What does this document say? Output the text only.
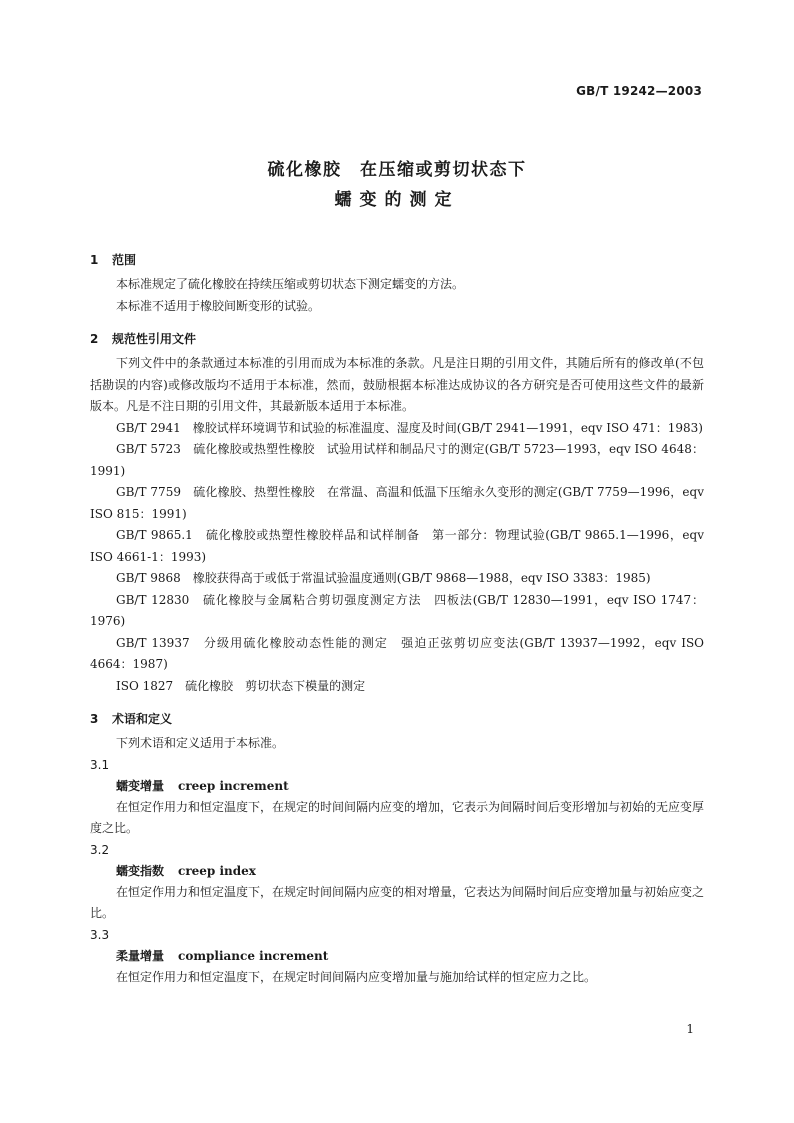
GB/T 19242—2003
硫化橡胶　在压缩或剪切状态下
蠕变的测定
1 范围

本标准规定了硫化橡胶在持续压缩或剪切状态下测定蠕变的方法。

本标准不适用于橡胶间断变形的试验。

2 规范性引用文件

下列文件中的条款通过本标准的引用而成为本标准的条款。凡是注日期的引用文件，其随后所有的修改单(不包括勘误的内容)或修改版均不适用于本标准，然而，鼓励根据本标准达成协议的各方研究是否可使用这些文件的最新版本。凡是不注日期的引用文件，其最新版本适用于本标准。

GB/T 2941　橡胶试样环境调节和试验的标准温度、湿度及时间(GB/T 2941—1991，eqv ISO 471：1983)

GB/T 5723　硫化橡胶或热塑性橡胶　试验用试样和制品尺寸的测定(GB/T 5723—1993，eqv ISO 4648：1991)

GB/T 7759　硫化橡胶、热塑性橡胶　在常温、高温和低温下压缩永久变形的测定(GB/T 7759—1996，eqv ISO 815：1991)

GB/T 9865.1　硫化橡胶或热塑性橡胶样品和试样制备　第一部分：物理试验(GB/T 9865.1—1996，eqv ISO 4661-1：1993)

GB/T 9868　橡胶获得高于或低于常温试验温度通则(GB/T 9868—1988，eqv ISO 3383：1985)

GB/T 12830　硫化橡胶与金属粘合剪切强度测定方法　四板法(GB/T 12830—1991，eqv ISO 1747：1976)

GB/T 13937　分级用硫化橡胶动态性能的测定　强迫正弦剪切应变法(GB/T 13937—1992，eqv ISO 4664：1987)

ISO 1827　硫化橡胶　剪切状态下模量的测定

3 术语和定义

下列术语和定义适用于本标准。

3.1
蠕变增量 creep increment

在恒定作用力和恒定温度下，在规定的时间间隔内应变的增加，它表示为间隔时间后变形增加与初始的无应变厚度之比。

3.2
蠕变指数 creep index

在恒定作用力和恒定温度下，在规定时间间隔内应变的相对增量，它表达为间隔时间后应变增加量与初始应变之比。

3.3
柔量增量 compliance increment

在恒定作用力和恒定温度下，在规定时间间隔内应变增加量与施加给试样的恒定应力之比。

1
